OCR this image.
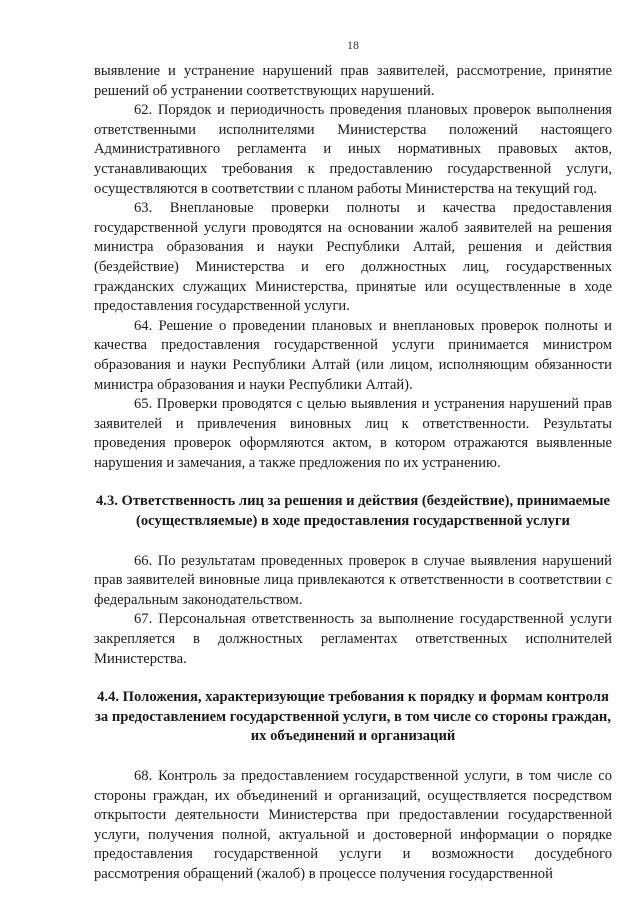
18

выявление и устранение нарушений прав заявителей, рассмотрение, принятие решений об устранении соответствующих нарушений.

62. Порядок и периодичность проведения плановых проверок выполнения ответственными исполнителями Министерства положений настоящего Административного регламента и иных нормативных правовых актов, устанавливающих требования к предоставлению государственной услуги, осуществляются в соответствии с планом работы Министерства на текущий год.

63. Внеплановые проверки полноты и качества предоставления государственной услуги проводятся на основании жалоб заявителей на решения министра образования и науки Республики Алтай, решения и действия (бездействие) Министерства и его должностных лиц, государственных гражданских служащих Министерства, принятые или осуществленные в ходе предоставления государственной услуги.

64. Решение о проведении плановых и внеплановых проверок полноты и качества предоставления государственной услуги принимается министром образования и науки Республики Алтай (или лицом, исполняющим обязанности министра образования и науки Республики Алтай).

65. Проверки проводятся с целью выявления и устранения нарушений прав заявителей и привлечения виновных лиц к ответственности. Результаты проведения проверок оформляются актом, в котором отражаются выявленные нарушения и замечания, а также предложения по их устранению.

4.3. Ответственность лиц за решения и действия (бездействие), принимаемые (осуществляемые) в ходе предоставления государственной услуги

66. По результатам проведенных проверок в случае выявления нарушений прав заявителей виновные лица привлекаются к ответственности в соответствии с федеральным законодательством.

67. Персональная ответственность за выполнение государственной услуги закрепляется в должностных регламентах ответственных исполнителей Министерства.

4.4. Положения, характеризующие требования к порядку и формам контроля за предоставлением государственной услуги, в том числе со стороны граждан, их объединений и организаций

68. Контроль за предоставлением государственной услуги, в том числе со стороны граждан, их объединений и организаций, осуществляется посредством открытости деятельности Министерства при предоставлении государственной услуги, получения полной, актуальной и достоверной информации о порядке предоставления государственной услуги и возможности досудебного рассмотрения обращений (жалоб) в процессе получения государственной
